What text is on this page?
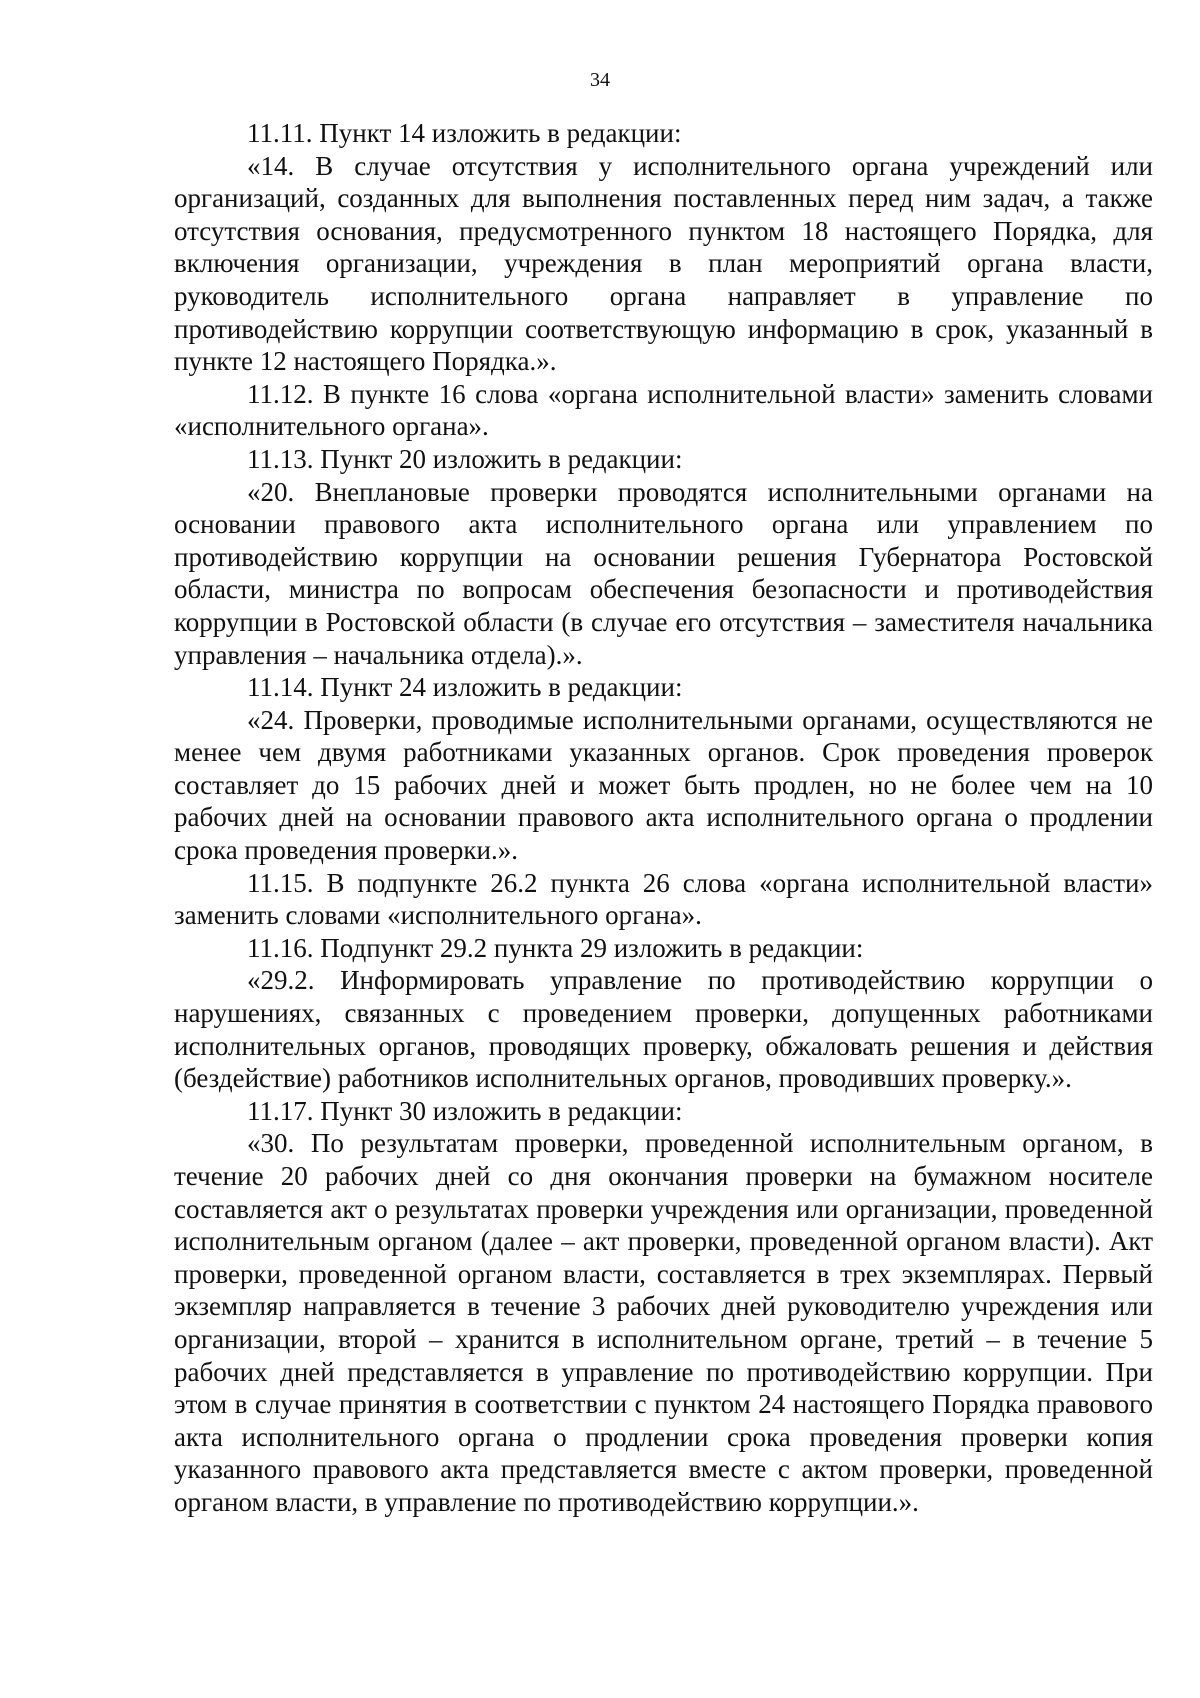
34

11.11. Пункт 14 изложить в редакции:

«14. В случае отсутствия у исполнительного органа учреждений или организаций, созданных для выполнения поставленных перед ним задач, а также отсутствия основания, предусмотренного пунктом 18 настоящего Порядка, для включения организации, учреждения в план мероприятий органа власти, руководитель исполнительного органа направляет в управление по противодействию коррупции соответствующую информацию в срок, указанный в пункте 12 настоящего Порядка.».

11.12. В пункте 16 слова «органа исполнительной власти» заменить словами «исполнительного органа».

11.13. Пункт 20 изложить в редакции:

«20. Внеплановые проверки проводятся исполнительными органами на основании правового акта исполнительного органа или управлением по противодействию коррупции на основании решения Губернатора Ростовской области, министра по вопросам обеспечения безопасности и противодействия коррупции в Ростовской области (в случае его отсутствия – заместителя начальника управления – начальника отдела).».

11.14. Пункт 24 изложить в редакции:

«24. Проверки, проводимые исполнительными органами, осуществляются не менее чем двумя работниками указанных органов. Срок проведения проверок составляет до 15 рабочих дней и может быть продлен, но не более чем на 10 рабочих дней на основании правового акта исполнительного органа о продлении срока проведения проверки.».

11.15. В подпункте 26.2 пункта 26 слова «органа исполнительной власти» заменить словами «исполнительного органа».

11.16. Подпункт 29.2 пункта 29 изложить в редакции:

«29.2. Информировать управление по противодействию коррупции о нарушениях, связанных с проведением проверки, допущенных работниками исполнительных органов, проводящих проверку, обжаловать решения и действия (бездействие) работников исполнительных органов, проводивших проверку.».

11.17. Пункт 30 изложить в редакции:

«30. По результатам проверки, проведенной исполнительным органом, в течение 20 рабочих дней со дня окончания проверки на бумажном носителе составляется акт о результатах проверки учреждения или организации, проведенной исполнительным органом (далее – акт проверки, проведенной органом власти). Акт проверки, проведенной органом власти, составляется в трех экземплярах. Первый экземпляр направляется в течение 3 рабочих дней руководителю учреждения или организации, второй – хранится в исполнительном органе, третий – в течение 5 рабочих дней представляется в управление по противодействию коррупции. При этом в случае принятия в соответствии с пунктом 24 настоящего Порядка правового акта исполнительного органа о продлении срока проведения проверки копия указанного правового акта представляется вместе с актом проверки, проведенной органом власти, в управление по противодействию коррупции.».
